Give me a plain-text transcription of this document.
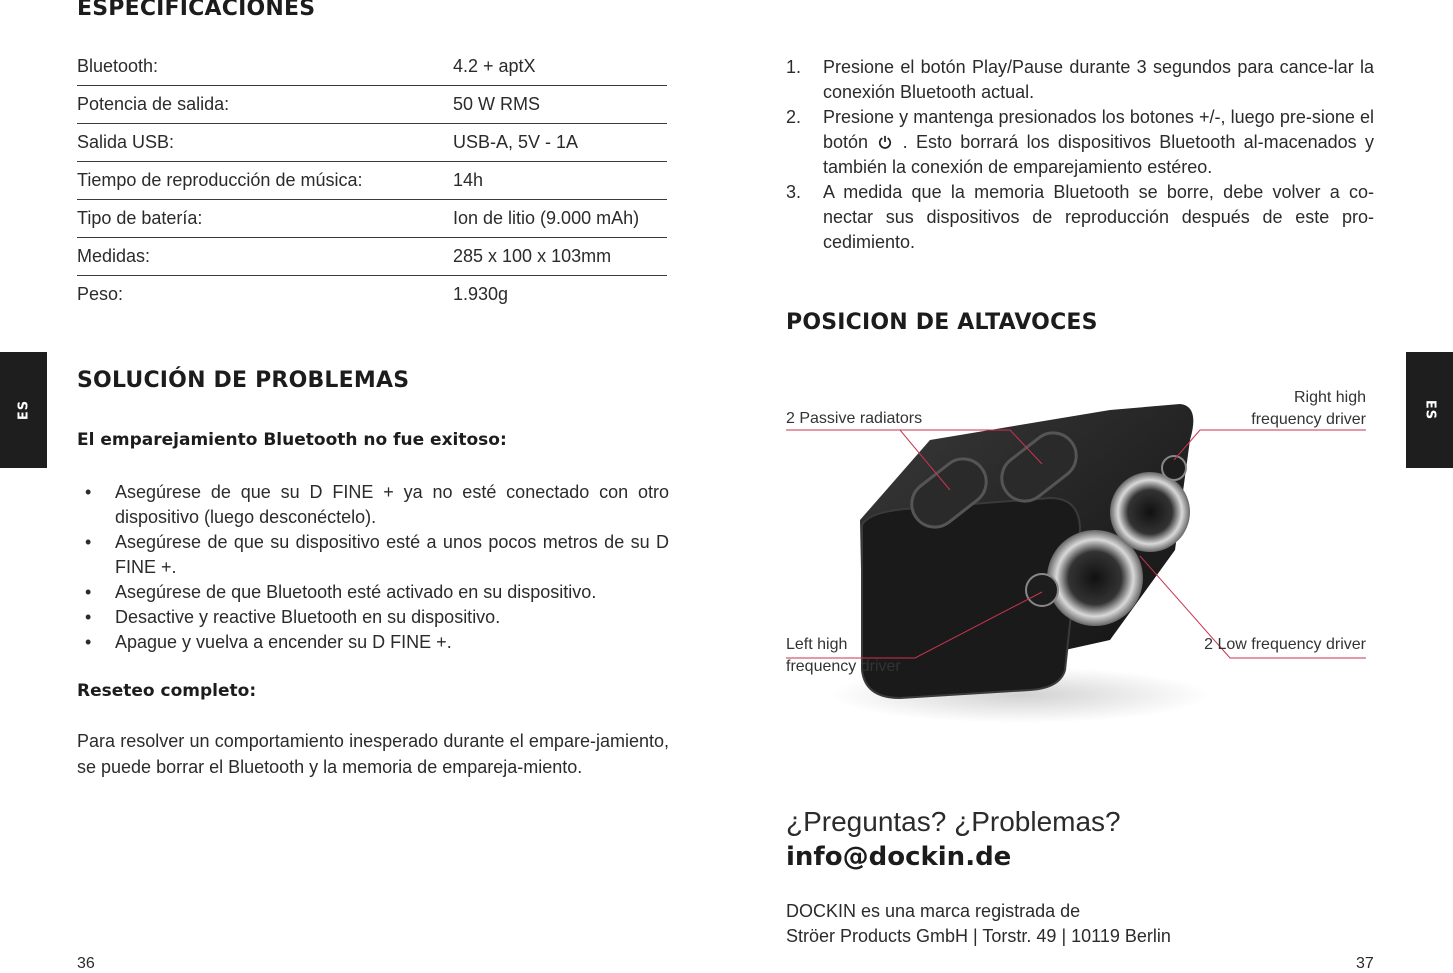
ESPECIFICACIONES
Bluetooth:	4.2 + aptX
Potencia de salida:	50 W RMS
Salida USB:	USB-A, 5V - 1A
Tiempo de reproducción de música:	14h
Tipo de batería:	Ion de litio (9.000 mAh)
Medidas:	285 x 100 x 103mm
Peso:	1.930g
SOLUCIÓN DE PROBLEMAS
El emparejamiento Bluetooth no fue exitoso:
• Asegúrese de que su D FINE + ya no esté conectado con otro dispositivo (luego desconéctelo).
• Asegúrese de que su dispositivo esté a unos pocos metros de su D FINE +.
• Asegúrese de que Bluetooth esté activado en su dispositivo.
• Desactive y reactive Bluetooth en su dispositivo.
• Apague y vuelva a encender su D FINE +.
Reseteo completo:
Para resolver un comportamiento inesperado durante el empare-jamiento, se puede borrar el Bluetooth y la memoria de empareja-miento.
36
ES
1. Presione el botón Play/Pause durante 3 segundos para cance-lar la conexión Bluetooth actual.
2. Presione y mantenga presionados los botones +/-, luego pre-sione el botón . Esto borrará los dispositivos Bluetooth al-macenados y también la conexión de emparejamiento estéreo.
3. A medida que la memoria Bluetooth se borre, debe volver a co-nectar sus dispositivos de reproducción después de este pro-cedimiento.
POSICION DE ALTAVOCES
2 Passive radiators
Right high
frequency driver
Left high
frequency driver
2 Low frequency driver
¿Preguntas? ¿Problemas?
info@dockin.de
DOCKIN es una marca registrada de
Ströer Products GmbH | Torstr. 49 | 10119 Berlin
37
ES
